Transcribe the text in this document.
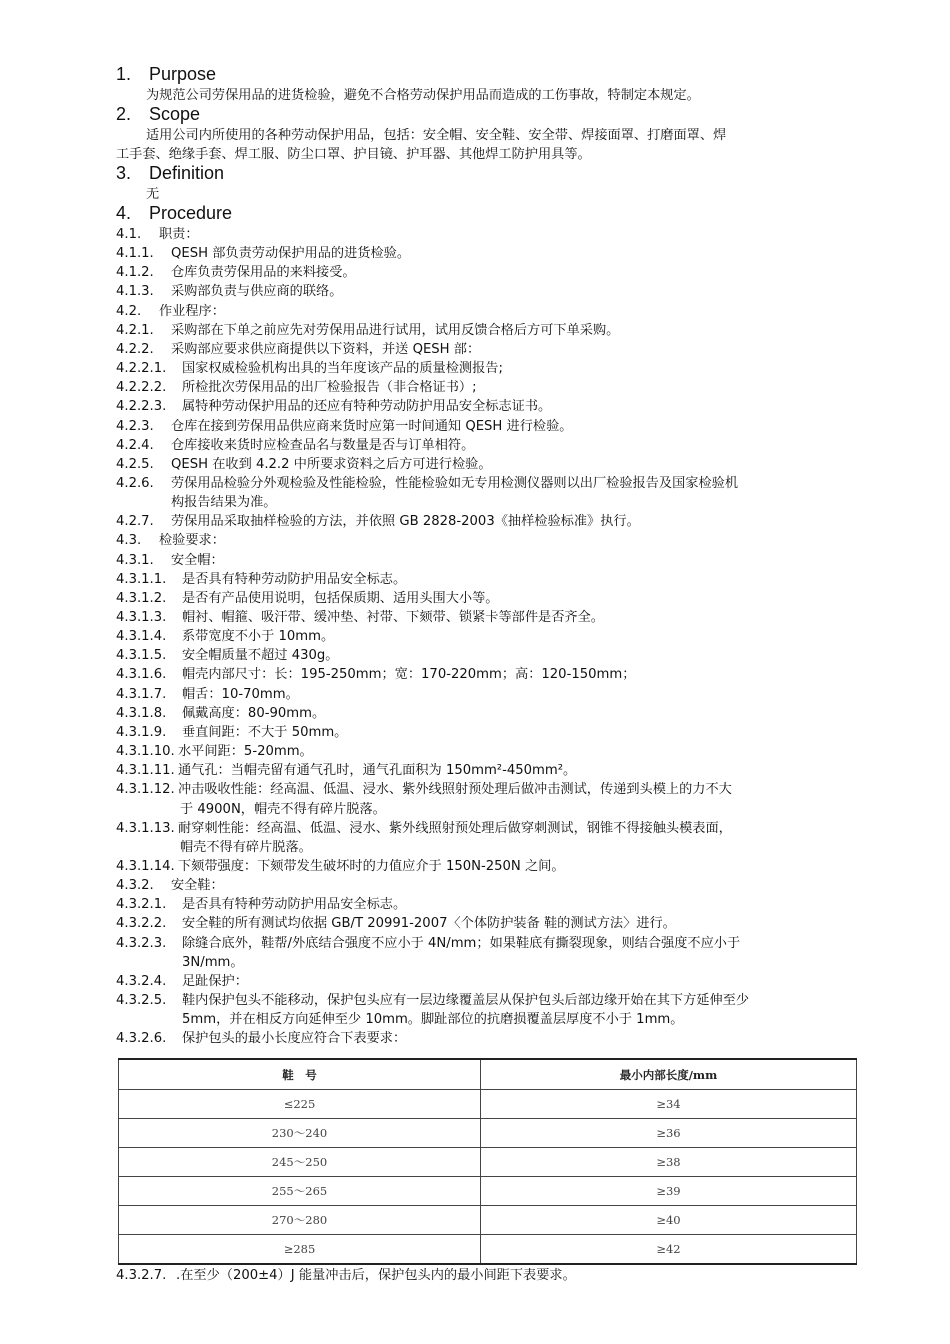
1. Purpose
为规范公司劳保用品的进货检验，避免不合格劳动保护用品而造成的工伤事故，特制定本规定。
2. Scope
适用公司内所使用的各种劳动保护用品，包括：安全帽、安全鞋、安全带、焊接面罩、打磨面罩、焊
工手套、绝缘手套、焊工服、防尘口罩、护目镜、护耳器、其他焊工防护用具等。
3. Definition
无
4. Procedure
4.1. 职责：
4.1.1. QESH 部负责劳动保护用品的进货检验。
4.1.2. 仓库负责劳保用品的来料接受。
4.1.3. 采购部负责与供应商的联络。
4.2. 作业程序：
4.2.1. 采购部在下单之前应先对劳保用品进行试用，试用反馈合格后方可下单采购。
4.2.2. 采购部应要求供应商提供以下资料，并送 QESH 部：
4.2.2.1. 国家权威检验机构出具的当年度该产品的质量检测报告;
4.2.2.2. 所检批次劳保用品的出厂检验报告（非合格证书）;
4.2.2.3. 属特种劳动保护用品的还应有特种劳动防护用品安全标志证书。
4.2.3. 仓库在接到劳保用品供应商来货时应第一时间通知 QESH 进行检验。
4.2.4. 仓库接收来货时应检查品名与数量是否与订单相符。
4.2.5. QESH 在收到 4.2.2 中所要求资料之后方可进行检验。
4.2.6. 劳保用品检验分外观检验及性能检验，性能检验如无专用检测仪器则以出厂检验报告及国家检验机
构报告结果为准。
4.2.7. 劳保用品采取抽样检验的方法，并依照 GB 2828-2003《抽样检验标准》执行。
4.3. 检验要求：
4.3.1. 安全帽：
4.3.1.1. 是否具有特种劳动防护用品安全标志。
4.3.1.2. 是否有产品使用说明，包括保质期、适用头围大小等。
4.3.1.3. 帽衬、帽箍、吸汗带、缓冲垫、衬带、下颏带、锁紧卡等部件是否齐全。
4.3.1.4. 系带宽度不小于 10mm。
4.3.1.5. 安全帽质量不超过 430g。
4.3.1.6. 帽壳内部尺寸：长：195-250mm；宽：170-220mm；高：120-150mm；
4.3.1.7. 帽舌：10-70mm。
4.3.1.8. 佩戴高度：80-90mm。
4.3.1.9. 垂直间距：不大于 50mm。
4.3.1.10. 水平间距：5-20mm。
4.3.1.11. 通气孔：当帽壳留有通气孔时，通气孔面积为 150mm²-450mm²。
4.3.1.12. 冲击吸收性能：经高温、低温、浸水、紫外线照射预处理后做冲击测试，传递到头模上的力不大
于 4900N，帽壳不得有碎片脱落。
4.3.1.13. 耐穿刺性能：经高温、低温、浸水、紫外线照射预处理后做穿刺测试，钢锥不得接触头模表面，
帽壳不得有碎片脱落。
4.3.1.14. 下颏带强度：下颏带发生破坏时的力值应介于 150N-250N 之间。
4.3.2. 安全鞋：
4.3.2.1. 是否具有特种劳动防护用品安全标志。
4.3.2.2. 安全鞋的所有测试均依据 GB/T 20991-2007〈个体防护装备 鞋的测试方法〉进行。
4.3.2.3. 除缝合底外，鞋帮/外底结合强度不应小于 4N/mm；如果鞋底有撕裂现象，则结合强度不应小于
3N/mm。
4.3.2.4. 足趾保护：
4.3.2.5. 鞋内保护包头不能移动，保护包头应有一层边缘覆盖层从保护包头后部边缘开始在其下方延伸至少
5mm，并在相反方向延伸至少 10mm。脚趾部位的抗磨损覆盖层厚度不小于 1mm。
4.3.2.6. 保护包头的最小长度应符合下表要求：
鞋　号	最小内部长度/mm
≤225	≥34
230～240	≥36
245～250	≥38
255～265	≥39
270～280	≥40
≥285	≥42
4.3.2.7. .在至少（200±4）J 能量冲击后，保护包头内的最小间距下表要求。
